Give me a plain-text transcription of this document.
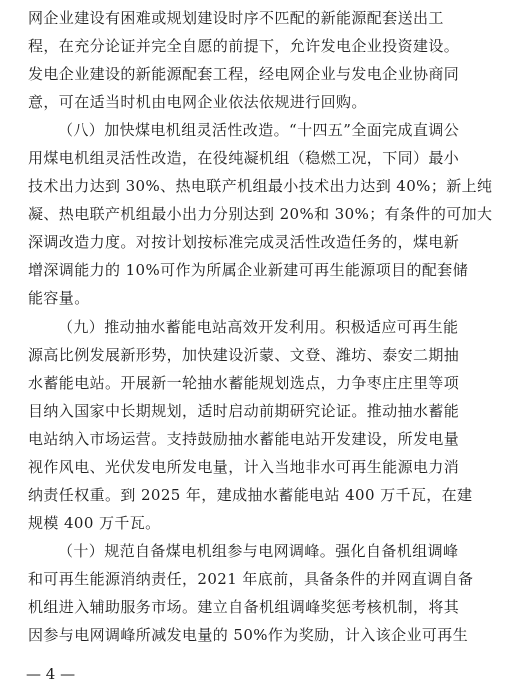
网企业建设有困难或规划建设时序不匹配的新能源配套送出工
程，在充分论证并完全自愿的前提下，允许发电企业投资建设。
发电企业建设的新能源配套工程，经电网企业与发电企业协商同
意，可在适当时机由电网企业依法依规进行回购。
（八）加快煤电机组灵活性改造。“十四五”全面完成直调公
用煤电机组灵活性改造，在役纯凝机组（稳燃工况，下同）最小
技术出力达到 30%、热电联产机组最小技术出力达到 40%；新上纯
凝、热电联产机组最小出力分别达到 20%和 30%；有条件的可加大
深调改造力度。对按计划按标准完成灵活性改造任务的，煤电新
增深调能力的 10%可作为所属企业新建可再生能源项目的配套储
能容量。
（九）推动抽水蓄能电站高效开发利用。积极适应可再生能
源高比例发展新形势，加快建设沂蒙、文登、潍坊、泰安二期抽
水蓄能电站。开展新一轮抽水蓄能规划选点，力争枣庄庄里等项
目纳入国家中长期规划，适时启动前期研究论证。推动抽水蓄能
电站纳入市场运营。支持鼓励抽水蓄能电站开发建设，所发电量
视作风电、光伏发电所发电量，计入当地非水可再生能源电力消
纳责任权重。到 2025 年，建成抽水蓄能电站 400 万千瓦，在建
规模 400 万千瓦。
（十）规范自备煤电机组参与电网调峰。强化自备机组调峰
和可再生能源消纳责任，2021 年底前，具备条件的并网直调自备
机组进入辅助服务市场。建立自备机组调峰奖惩考核机制，将其
因参与电网调峰所减发电量的 50%作为奖励，计入该企业可再生
— 4 —
